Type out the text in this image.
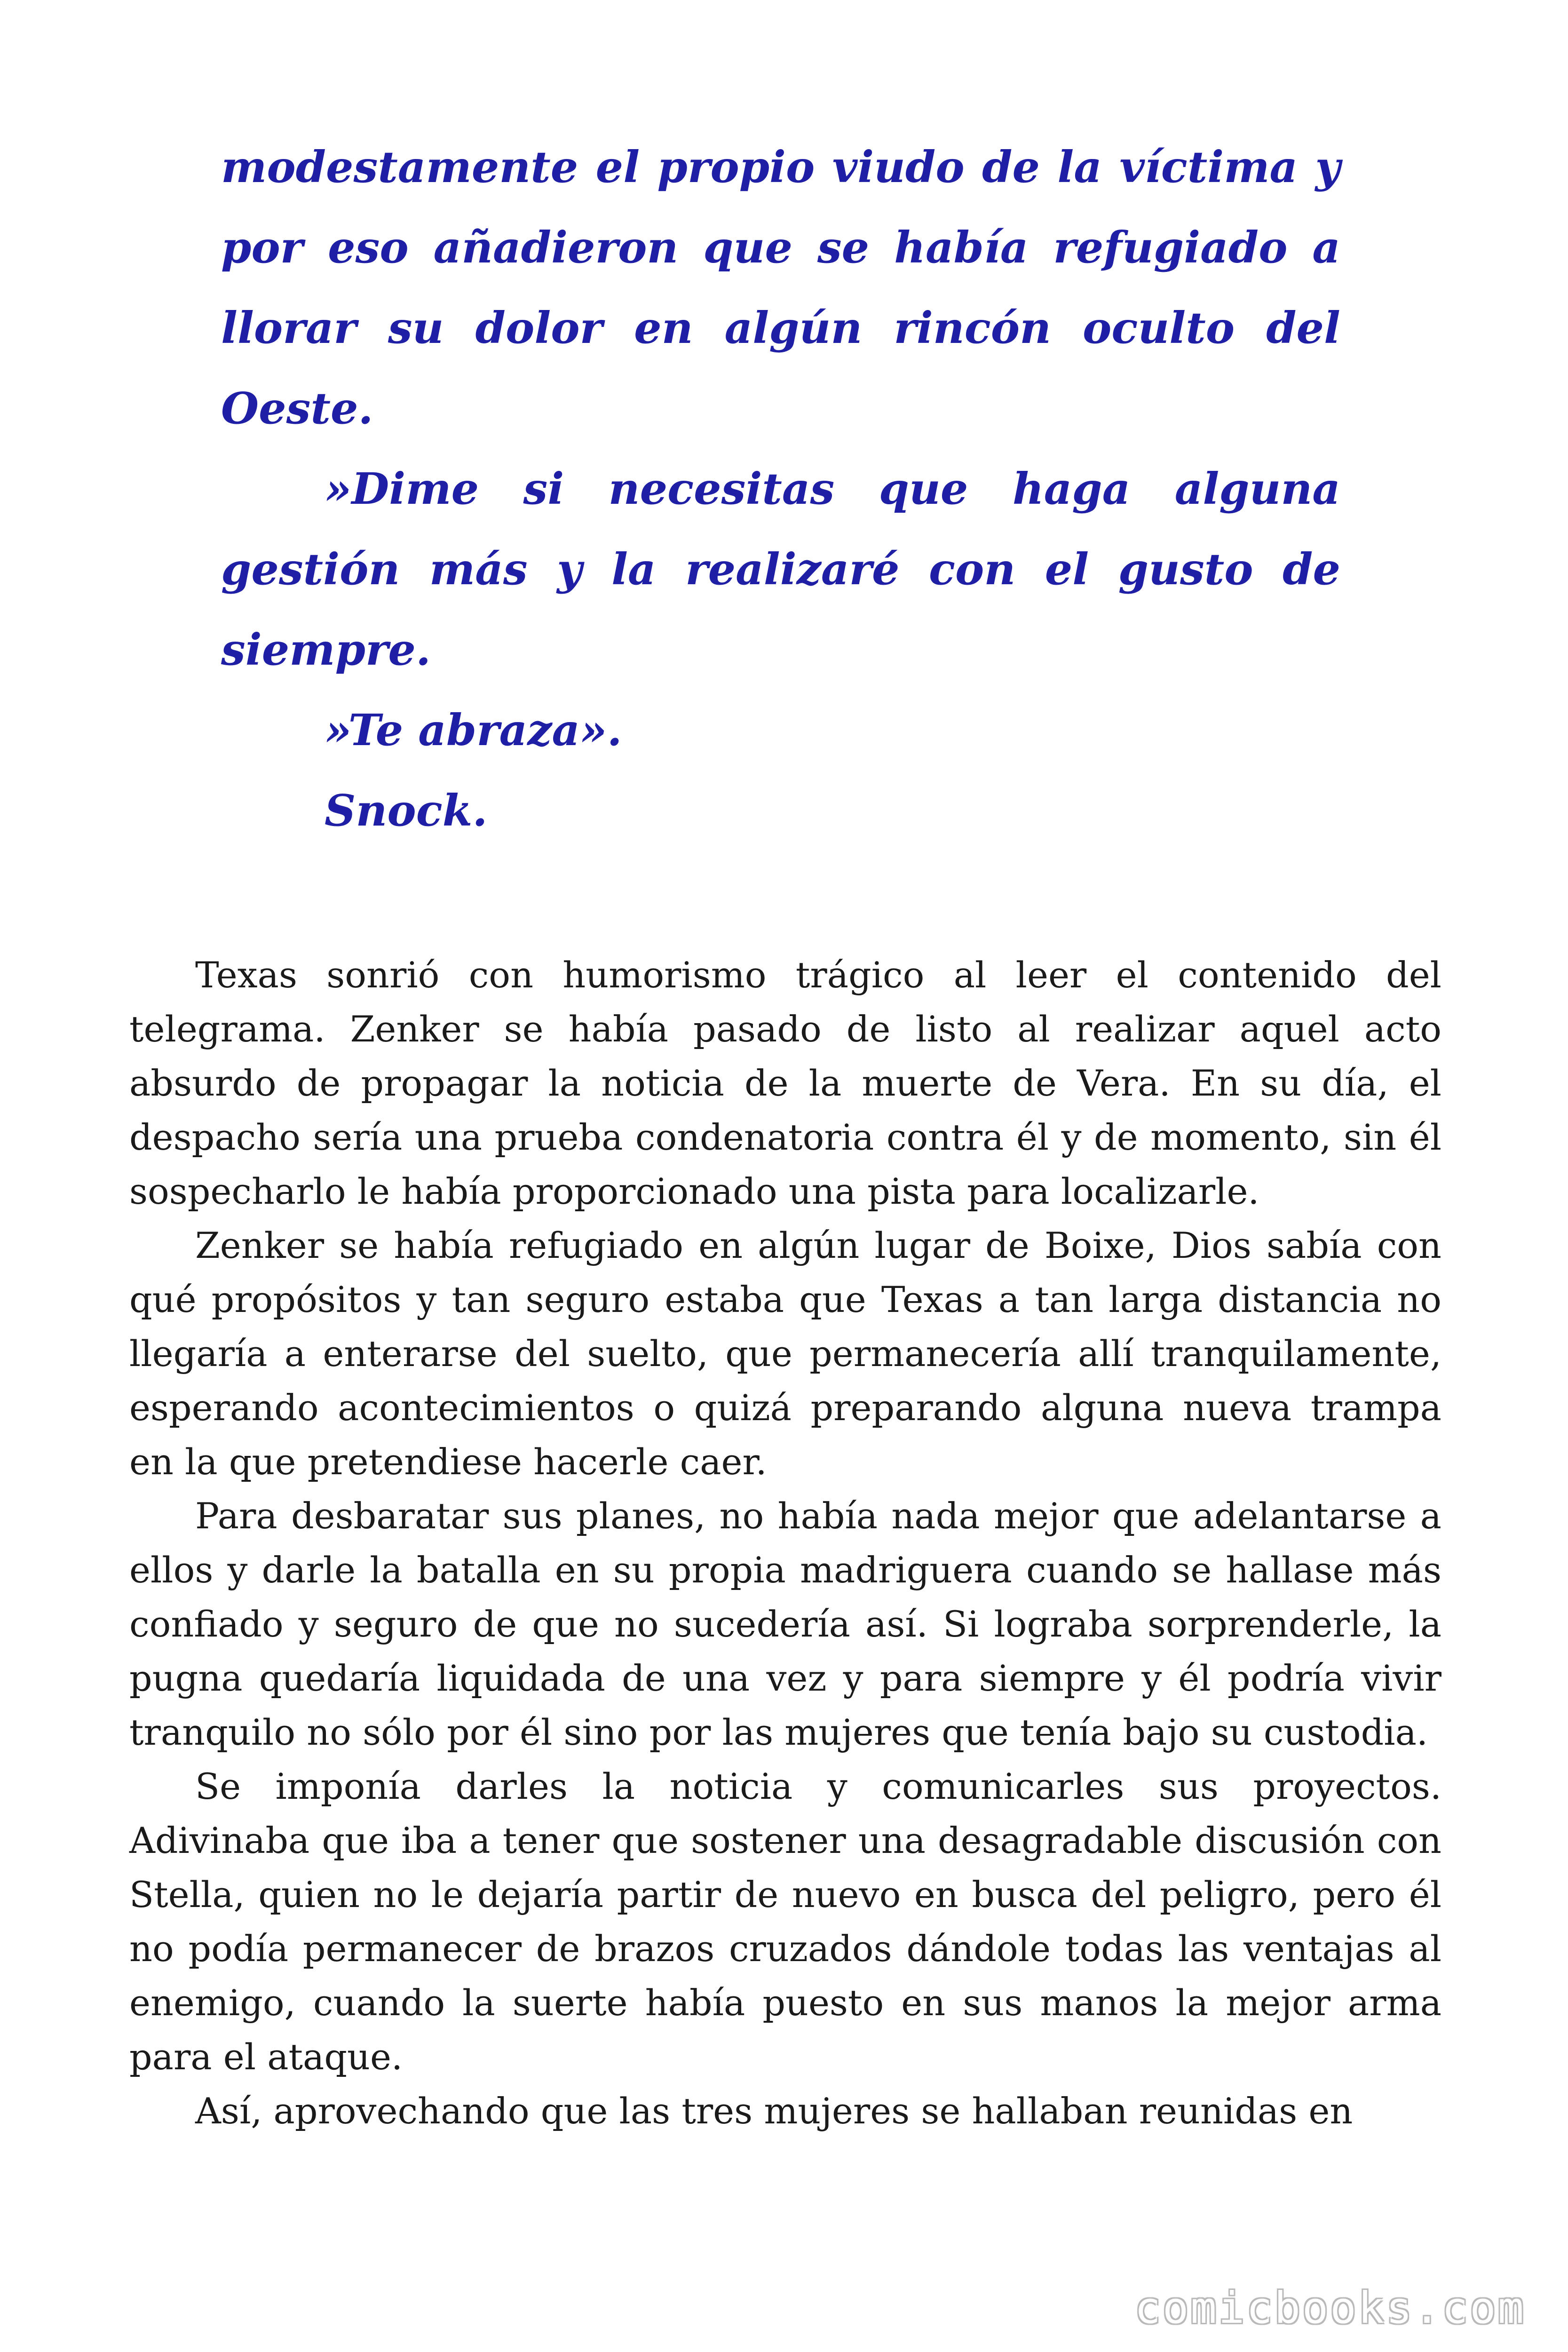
modestamente el propio viudo de la víctima y por eso añadieron que se había refugiado a llorar su dolor en algún rincón oculto del Oeste.

»Dime si necesitas que haga alguna gestión más y la realizaré con el gusto de siempre.

»Te abraza».

Snock.

Texas sonrió con humorismo trágico al leer el contenido del telegrama. Zenker se había pasado de listo al realizar aquel acto absurdo de propagar la noticia de la muerte de Vera. En su día, el despacho sería una prueba condenatoria contra él y de momento, sin él sospecharlo le había proporcionado una pista para localizarle.

Zenker se había refugiado en algún lugar de Boixe, Dios sabía con qué propósitos y tan seguro estaba que Texas a tan larga distancia no llegaría a enterarse del suelto, que permanecería allí tranquilamente, esperando acontecimientos o quizá preparando alguna nueva trampa en la que pretendiese hacerle caer.

Para desbaratar sus planes, no había nada mejor que adelantarse a ellos y darle la batalla en su propia madriguera cuando se hallase más confiado y seguro de que no sucedería así. Si lograba sorprenderle, la pugna quedaría liquidada de una vez y para siempre y él podría vivir tranquilo no sólo por él sino por las mujeres que tenía bajo su custodia.

Se imponía darles la noticia y comunicarles sus proyectos. Adivinaba que iba a tener que sostener una desagradable discusión con Stella, quien no le dejaría partir de nuevo en busca del peligro, pero él no podía permanecer de brazos cruzados dándole todas las ventajas al enemigo, cuando la suerte había puesto en sus manos la mejor arma para el ataque.

Así, aprovechando que las tres mujeres se hallaban reunidas en

comicbooks.com
